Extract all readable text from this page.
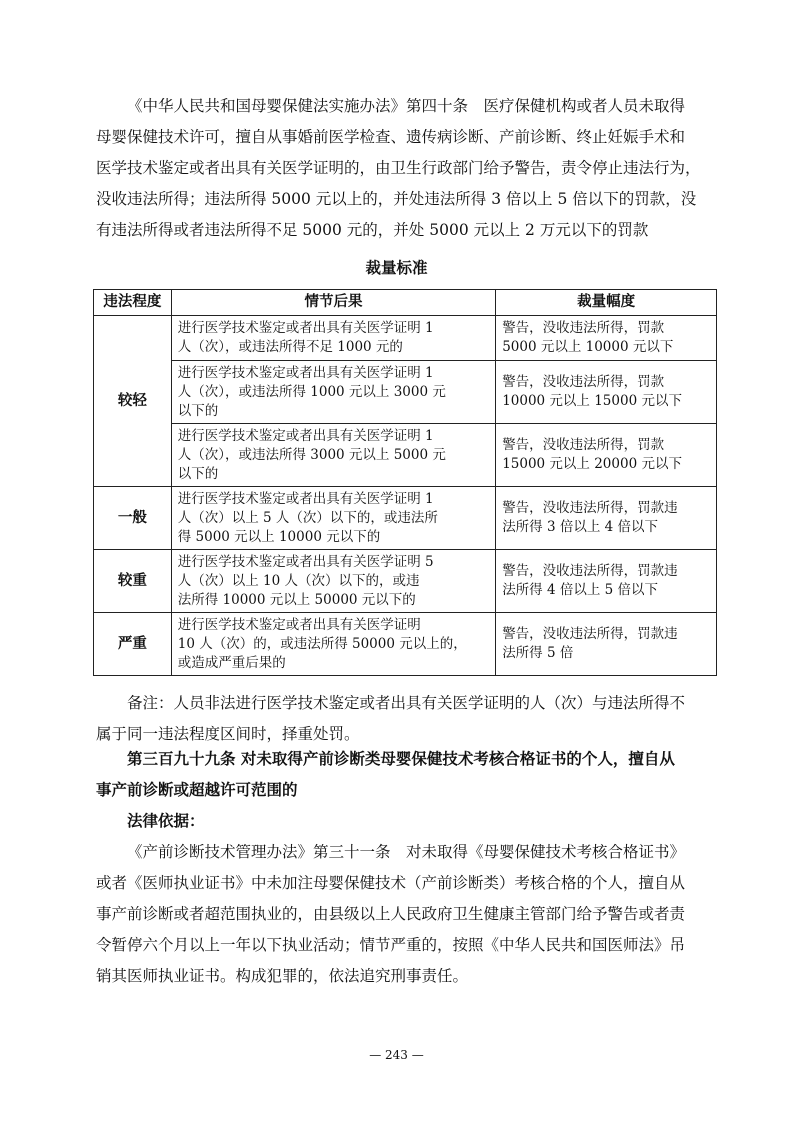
《中华人民共和国母婴保健法实施办法》第四十条　医疗保健机构或者人员未取得
母婴保健技术许可，擅自从事婚前医学检查、遗传病诊断、产前诊断、终止妊娠手术和
医学技术鉴定或者出具有关医学证明的，由卫生行政部门给予警告，责令停止违法行为，
没收违法所得；违法所得 5000 元以上的，并处违法所得 3 倍以上 5 倍以下的罚款，没
有违法所得或者违法所得不足 5000 元的，并处 5000 元以上 2 万元以下的罚款
裁量标准
违法程度	情节后果	裁量幅度
较轻	进行医学技术鉴定或者出具有关医学证明 1
人（次），或违法所得不足 1000 元的	警告，没收违法所得，罚款
5000 元以上 10000 元以下

	进行医学技术鉴定或者出具有关医学证明 1
人（次），或违法所得 1000 元以上 3000 元
以下的	警告，没收违法所得，罚款
10000 元以上 15000 元以下

	进行医学技术鉴定或者出具有关医学证明 1
人（次），或违法所得 3000 元以上 5000 元
以下的	警告，没收违法所得，罚款
15000 元以上 20000 元以下

一般	进行医学技术鉴定或者出具有关医学证明 1
人（次）以上 5 人（次）以下的，或违法所
得 5000 元以上 10000 元以下的	警告，没收违法所得，罚款违
法所得 3 倍以上 4 倍以下

较重	进行医学技术鉴定或者出具有关医学证明 5
人（次）以上 10 人（次）以下的，或违
法所得 10000 元以上 50000 元以下的	警告，没收违法所得，罚款违
法所得 4 倍以上 5 倍以下

严重	进行医学技术鉴定或者出具有关医学证明
10 人（次）的，或违法所得 50000 元以上的，
或造成严重后果的	警告，没收违法所得，罚款违
法所得 5 倍
备注：人员非法进行医学技术鉴定或者出具有关医学证明的人（次）与违法所得不
属于同一违法程度区间时，择重处罚。
第三百九十九条 对未取得产前诊断类母婴保健技术考核合格证书的个人，擅自从
事产前诊断或超越许可范围的
法律依据：
《产前诊断技术管理办法》第三十一条　对未取得《母婴保健技术考核合格证书》
或者《医师执业证书》中未加注母婴保健技术（产前诊断类）考核合格的个人，擅自从
事产前诊断或者超范围执业的，由县级以上人民政府卫生健康主管部门给予警告或者责
令暂停六个月以上一年以下执业活动；情节严重的，按照《中华人民共和国医师法》吊
销其医师执业证书。构成犯罪的，依法追究刑事责任。
— 243 —
